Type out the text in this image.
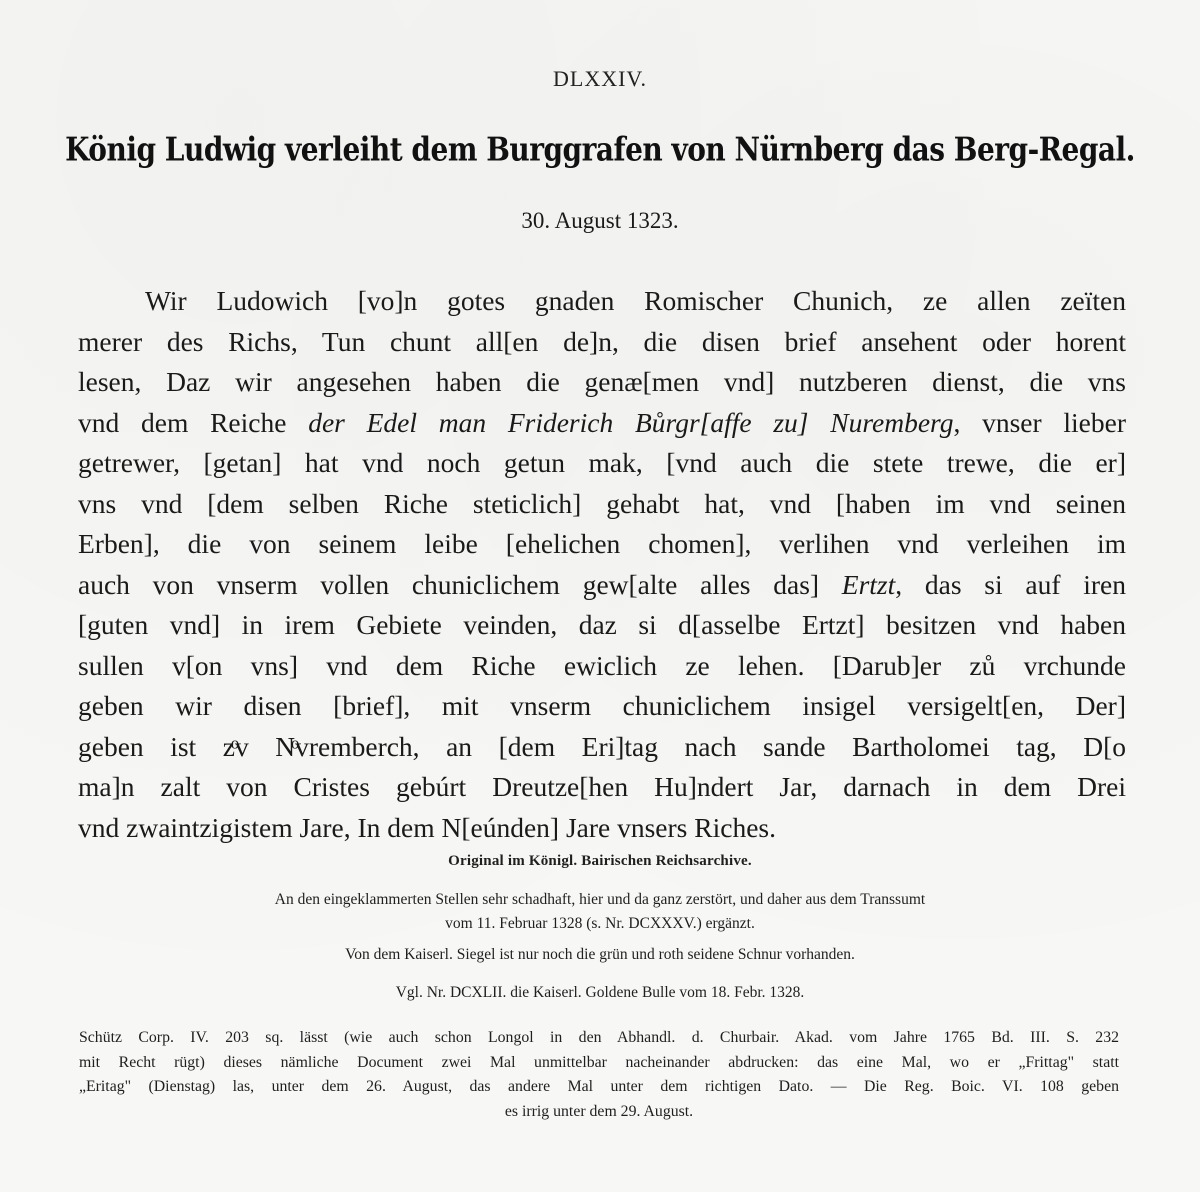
DLXXIV.
König Ludwig verleiht dem Burggrafen von Nürnberg das Berg-Regal.
30. August 1323.
Wir Ludowich [vo]n gotes gnaden Romischer Chunich, ze allen zeïten
merer des Richs, Tun chunt all[en de]n, die disen brief ansehent oder horent
lesen, Daz wir angesehen haben die genæ[men vnd] nutzberen dienst, die vns
vnd dem Reiche der Edel man Friderich Bůrgr[affe zu] Nuremberg, vnser lieber
getrewer, [getan] hat vnd noch getun mak, [vnd auch die stete trewe, die er]
vns vnd [dem selben Riche steticlich] gehabt hat, vnd [haben im vnd seinen
Erben], die von seinem leibe [ehelichen chomen], verlihen vnd verleihen im
auch von vnserm vollen chuniclichem gew[alte alles das] Ertzt, das si auf iren
[guten vnd] in irem Gebiete veinden, daz si d[asselbe Ertzt] besitzen vnd haben
sullen v[on vns] vnd dem Riche ewiclich ze lehen. [Darub]er zů vrchunde
geben wir disen [brief], mit vnserm chuniclichem insigel versigelt[en, Der]
geben ist zͦv Nͦvremberch, an [dem Eri]tag nach sande Bartholomei tag, D[o
ma]n zalt von Cristes gebúrt Dreutze[hen Hu]ndert Jar, darnach in dem Drei
vnd zwaintzigistem Jare, In dem N[eúnden] Jare vnsers Riches.
Original im Königl. Bairischen Reichsarchive.
An den eingeklammerten Stellen sehr schadhaft, hier und da ganz zerstört, und daher aus dem Transsumt
vom 11. Februar 1328 (s. Nr. DCXXXV.) ergänzt.
Von dem Kaiserl. Siegel ist nur noch die grün und roth seidene Schnur vorhanden.
Vgl. Nr. DCXLII. die Kaiserl. Goldene Bulle vom 18. Febr. 1328.
Schütz Corp. IV. 203 sq. lässt (wie auch schon Longol in den Abhandl. d. Churbair. Akad. vom Jahre 1765 Bd. III. S. 232
mit Recht rügt) dieses nämliche Document zwei Mal unmittelbar nacheinander abdrucken: das eine Mal, wo er „Frittag" statt
„Eritag" (Dienstag) las, unter dem 26. August, das andere Mal unter dem richtigen Dato. — Die Reg. Boic. VI. 108 geben
es irrig unter dem 29. August.
